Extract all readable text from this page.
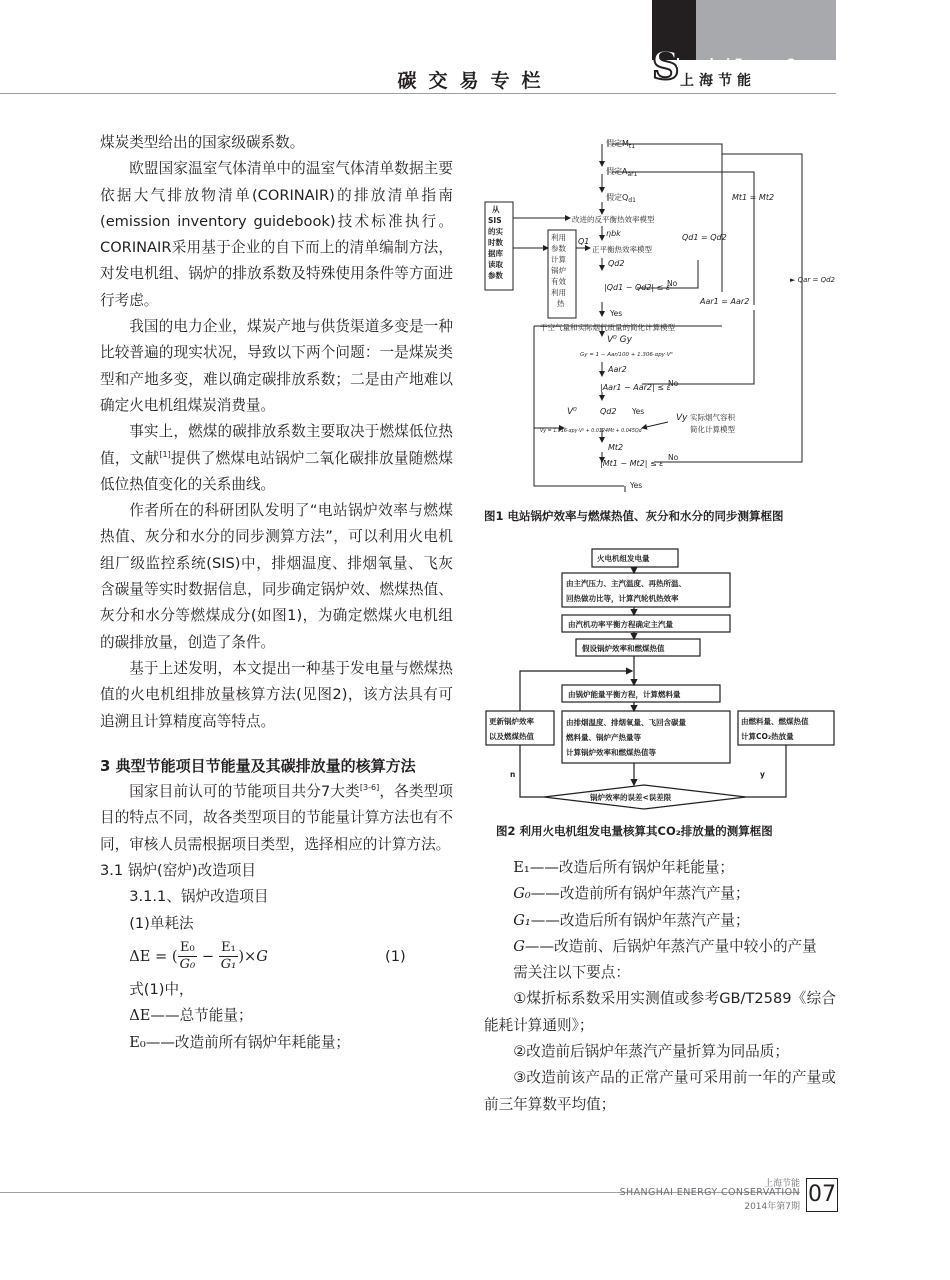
碳交易专栏	S
hanghai Energy Conservation
上海节能

煤炭类型给出的国家级碳系数。

欧盟国家温室气体清单中的温室气体清单数据主要依据大气排放物清单(CORINAIR)的排放清单指南(emission inventory guidebook)技术标准执行。CORINAIR采用基于企业的自下而上的清单编制方法，对发电机组、锅炉的排放系数及特殊使用条件等方面进行考虑。

我国的电力企业，煤炭产地与供货渠道多变是一种比较普遍的现实状况，导致以下两个问题：一是煤炭类型和产地多变，难以确定碳排放系数；二是由产地难以确定火电机组煤炭消费量。

事实上，燃煤的碳排放系数主要取决于燃煤低位热值，文献[1]提供了燃煤电站锅炉二氧化碳排放量随燃煤低位热值变化的关系曲线。

作者所在的科研团队发明了“电站锅炉效率与燃煤热值、灰分和水分的同步测算方法”，可以利用火电机组厂级监控系统(SIS)中，排烟温度、排烟氧量、飞灰含碳量等实时数据信息，同步确定锅炉效、燃煤热值、灰分和水分等燃煤成分(如图1)，为确定燃煤火电机组的碳排放量，创造了条件。

基于上述发明，本文提出一种基于发电量与燃煤热值的火电机组排放量核算方法(见图2)，该方法具有可追溯且计算精度高等特点。

3 典型节能项目节能量及其碳排放量的核算方法

国家目前认可的节能项目共分7大类[3-6]，各类型项目的特点不同，故各类型项目的节能量计算方法也有不同，审核人员需根据项目类型，选择相应的计算方法。

3.1 锅炉(窑炉)改造项目

3.1.1、锅炉改造项目

(1)单耗法

ΔE = ( $\frac{\text{E₀}}{\text{G₀}} - \frac{\text{E₁}}{\text{G₁}} )\times G$	(1)

式(1)中，

ΔE——总节能量；

E₀——改造前所有锅炉年耗能量；

假定$M_{t1}$
假定$A_{ar1}$
假定$Q_{d1}$
从
SIS
的实
时数
据库
读取
参数
利用
参数
计算
锅炉
有效
利用
热
Mt1 = Mt2
改进的反平衡热效率模型
ηbk
Q1
正平衡热效率模型
Qd1 = Qd2
Qd2
|Qd1 − Qd2| ≤ ε
No
Yes
Aar1 = Aar2
► Qar = Qd2
干空气量和实际烟气质量的简化计算模型
V⁰ Gy
Gy = 1 − Aar/100 + 1.306·αpy·V⁰
Aar2
|Aar1 − Aar2| ≤ ε
No
V⁰	Qd2 Yes
Vy 实际烟气容积
简化计算模型
Vy = 1.016·αpy·V⁰ + 0.0124Mt + 0.045Qd
Mt2
|Mt1 − Mt2| ≤ ε
No
Yes
图1 电站锅炉效率与燃煤热值、灰分和水分的同步测算框图
火电机组发电量
由主汽压力、主汽温度、再热所温、
回热做功比等，计算汽轮机热效率
由汽机功率平衡方程确定主汽量
假设锅炉效率和燃煤热值
由锅炉能量平衡方程，计算燃料量
更新锅炉效率
以及燃煤热值
由排烟温度、排烟氧量、飞回含碳量
燃料量、锅炉产热量等
计算锅炉效率和燃煤热值等
由燃料量、燃煤热值
计算CO₂热放量
n	y
锅炉效率的误差<误差限
图2 利用火电机组发电量核算其CO₂排放量的测算框图

E₁——改造后所有锅炉年耗能量；

G₀——改造前所有锅炉年蒸汽产量；

G₁——改造后所有锅炉年蒸汽产量；

G——改造前、后锅炉年蒸汽产量中较小的产量

需关注以下要点：

①煤折标系数采用实测值或参考GB/T2589《综合能耗计算通则》；

②改造前后锅炉年蒸汽产量折算为同品质；

③改造前该产品的正常产量可采用前一年的产量或前三年算数平均值；

上海节能
SHANGHAI ENERGY CONSERVATION
2014年第7期 07
